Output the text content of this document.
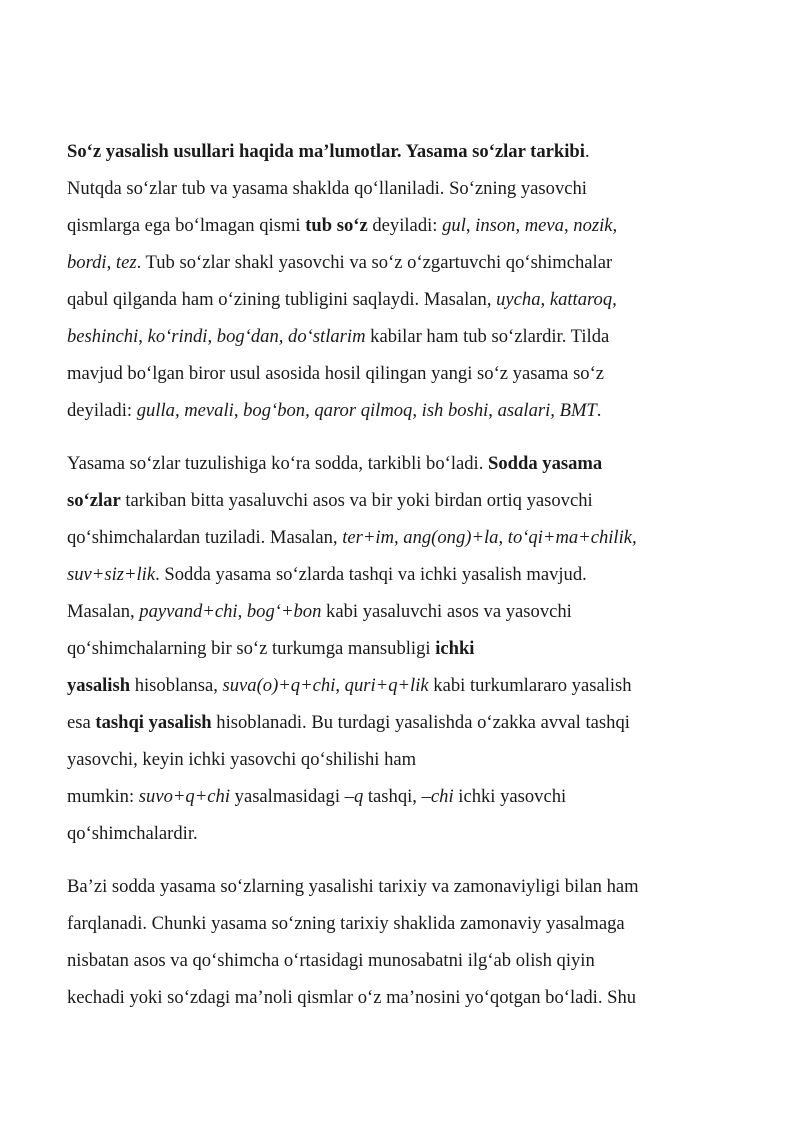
So‘z yasalish usullari haqida ma’lumotlar. Yasama so‘zlar tarkibi.
Nutqda so‘zlar tub va yasama shaklda qo‘llaniladi. So‘zning yasovchi
qismlarga ega bo‘lmagan qismi tub so‘z deyiladi: gul, inson, meva, nozik,
bordi, tez. Tub so‘zlar shakl yasovchi va so‘z o‘zgartuvchi qo‘shimchalar
qabul qilganda ham o‘zining tubligini saqlaydi. Masalan, uycha, kattaroq,
beshinchi, ko‘rindi, bog‘dan, do‘stlarim kabilar ham tub so‘zlardir. Tilda
mavjud bo‘lgan biror usul asosida hosil qilingan yangi so‘z yasama so‘z
deyiladi: gulla, mevali, bog‘bon, qaror qilmoq, ish boshi, asalari, BMT.
Yasama so‘zlar tuzulishiga ko‘ra sodda, tarkibli bo‘ladi. Sodda yasama
so‘zlar tarkiban bitta yasaluvchi asos va bir yoki birdan ortiq yasovchi
qo‘shimchalardan tuziladi. Masalan, ter+im, ang(ong)+la, to‘qi+ma+chilik,
suv+siz+lik. Sodda yasama so‘zlarda tashqi va ichki yasalish mavjud.
Masalan, payvand+chi, bog‘+bon kabi yasaluvchi asos va yasovchi
qo‘shimchalarning bir so‘z turkumga mansubligi ichki
yasalish hisoblansa, suva(o)+q+chi, quri+q+lik kabi turkumlararo yasalish
esa tashqi yasalish hisoblanadi. Bu turdagi yasalishda o‘zakka avval tashqi
yasovchi, keyin ichki yasovchi qo‘shilishi ham
mumkin: suvo+q+chi yasalmasidagi –q tashqi, –chi ichki yasovchi
qo‘shimchalardir.
Ba’zi sodda yasama so‘zlarning yasalishi tarixiy va zamonaviyligi bilan ham
farqlanadi. Chunki yasama so‘zning tarixiy shaklida zamonaviy yasalmaga
nisbatan asos va qo‘shimcha o‘rtasidagi munosabatni ilg‘ab olish qiyin
kechadi yoki so‘zdagi ma’noli qismlar o‘z ma’nosini yo‘qotgan bo‘ladi. Shu
